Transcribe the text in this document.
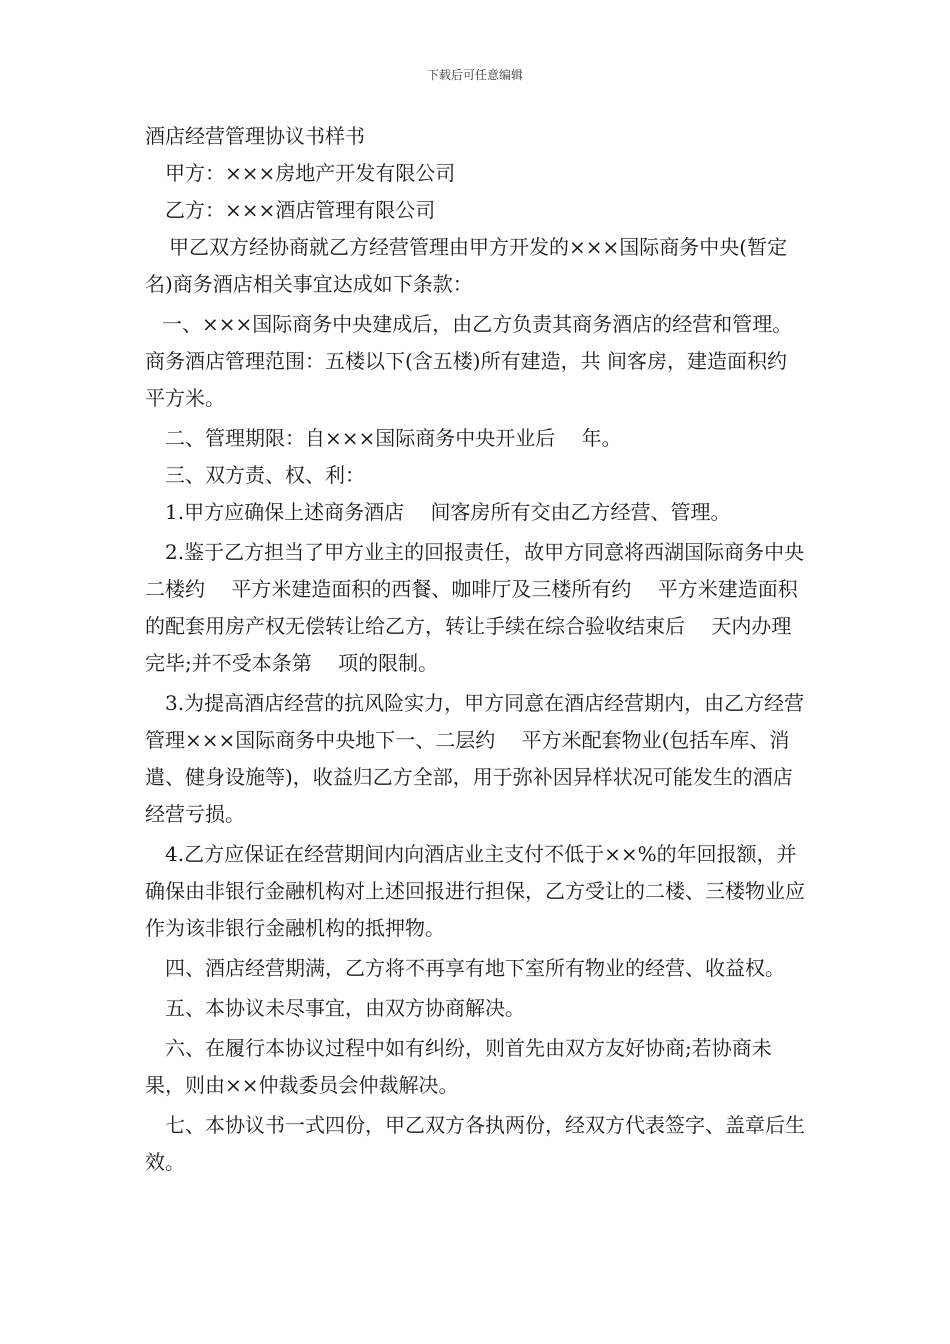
下载后可任意编辑

酒店经营管理协议书样书

甲方：×××房地产开发有限公司

乙方：×××酒店管理有限公司

甲乙双方经协商就乙方经营管理由甲方开发的×××国际商务中央(暂定名)商务酒店相关事宜达成如下条款：

一、×××国际商务中央建成后，由乙方负责其商务酒店的经营和管理。商务酒店管理范围：五楼以下(含五楼)所有建造，共 间客房，建造面积约　　　 平方米。

二、管理期限：自×××国际商务中央开业后 　年。

三、双方责、权、利：

1.甲方应确保上述商务酒店 　间客房所有交由乙方经营、管理。

2.鉴于乙方担当了甲方业主的回报责任，故甲方同意将西湖国际商务中央二楼约 　平方米建造面积的西餐、咖啡厅及三楼所有约 　平方米建造面积的配套用房产权无偿转让给乙方，转让手续在综合验收结束后 　天内办理完毕;并不受本条第 　项的限制。

3.为提高酒店经营的抗风险实力，甲方同意在酒店经营期内，由乙方经营管理×××国际商务中央地下一、二层约 　平方米配套物业(包括车库、消遣、健身设施等)，收益归乙方全部，用于弥补因异样状况可能发生的酒店经营亏损。

4.乙方应保证在经营期间内向酒店业主支付不低于××%的年回报额，并确保由非银行金融机构对上述回报进行担保，乙方受让的二楼、三楼物业应作为该非银行金融机构的抵押物。

四、酒店经营期满，乙方将不再享有地下室所有物业的经营、收益权。

五、本协议未尽事宜，由双方协商解决。

六、在履行本协议过程中如有纠纷，则首先由双方友好协商;若协商未果，则由××仲裁委员会仲裁解决。

七、本协议书一式四份，甲乙双方各执两份，经双方代表签字、盖章后生效。
